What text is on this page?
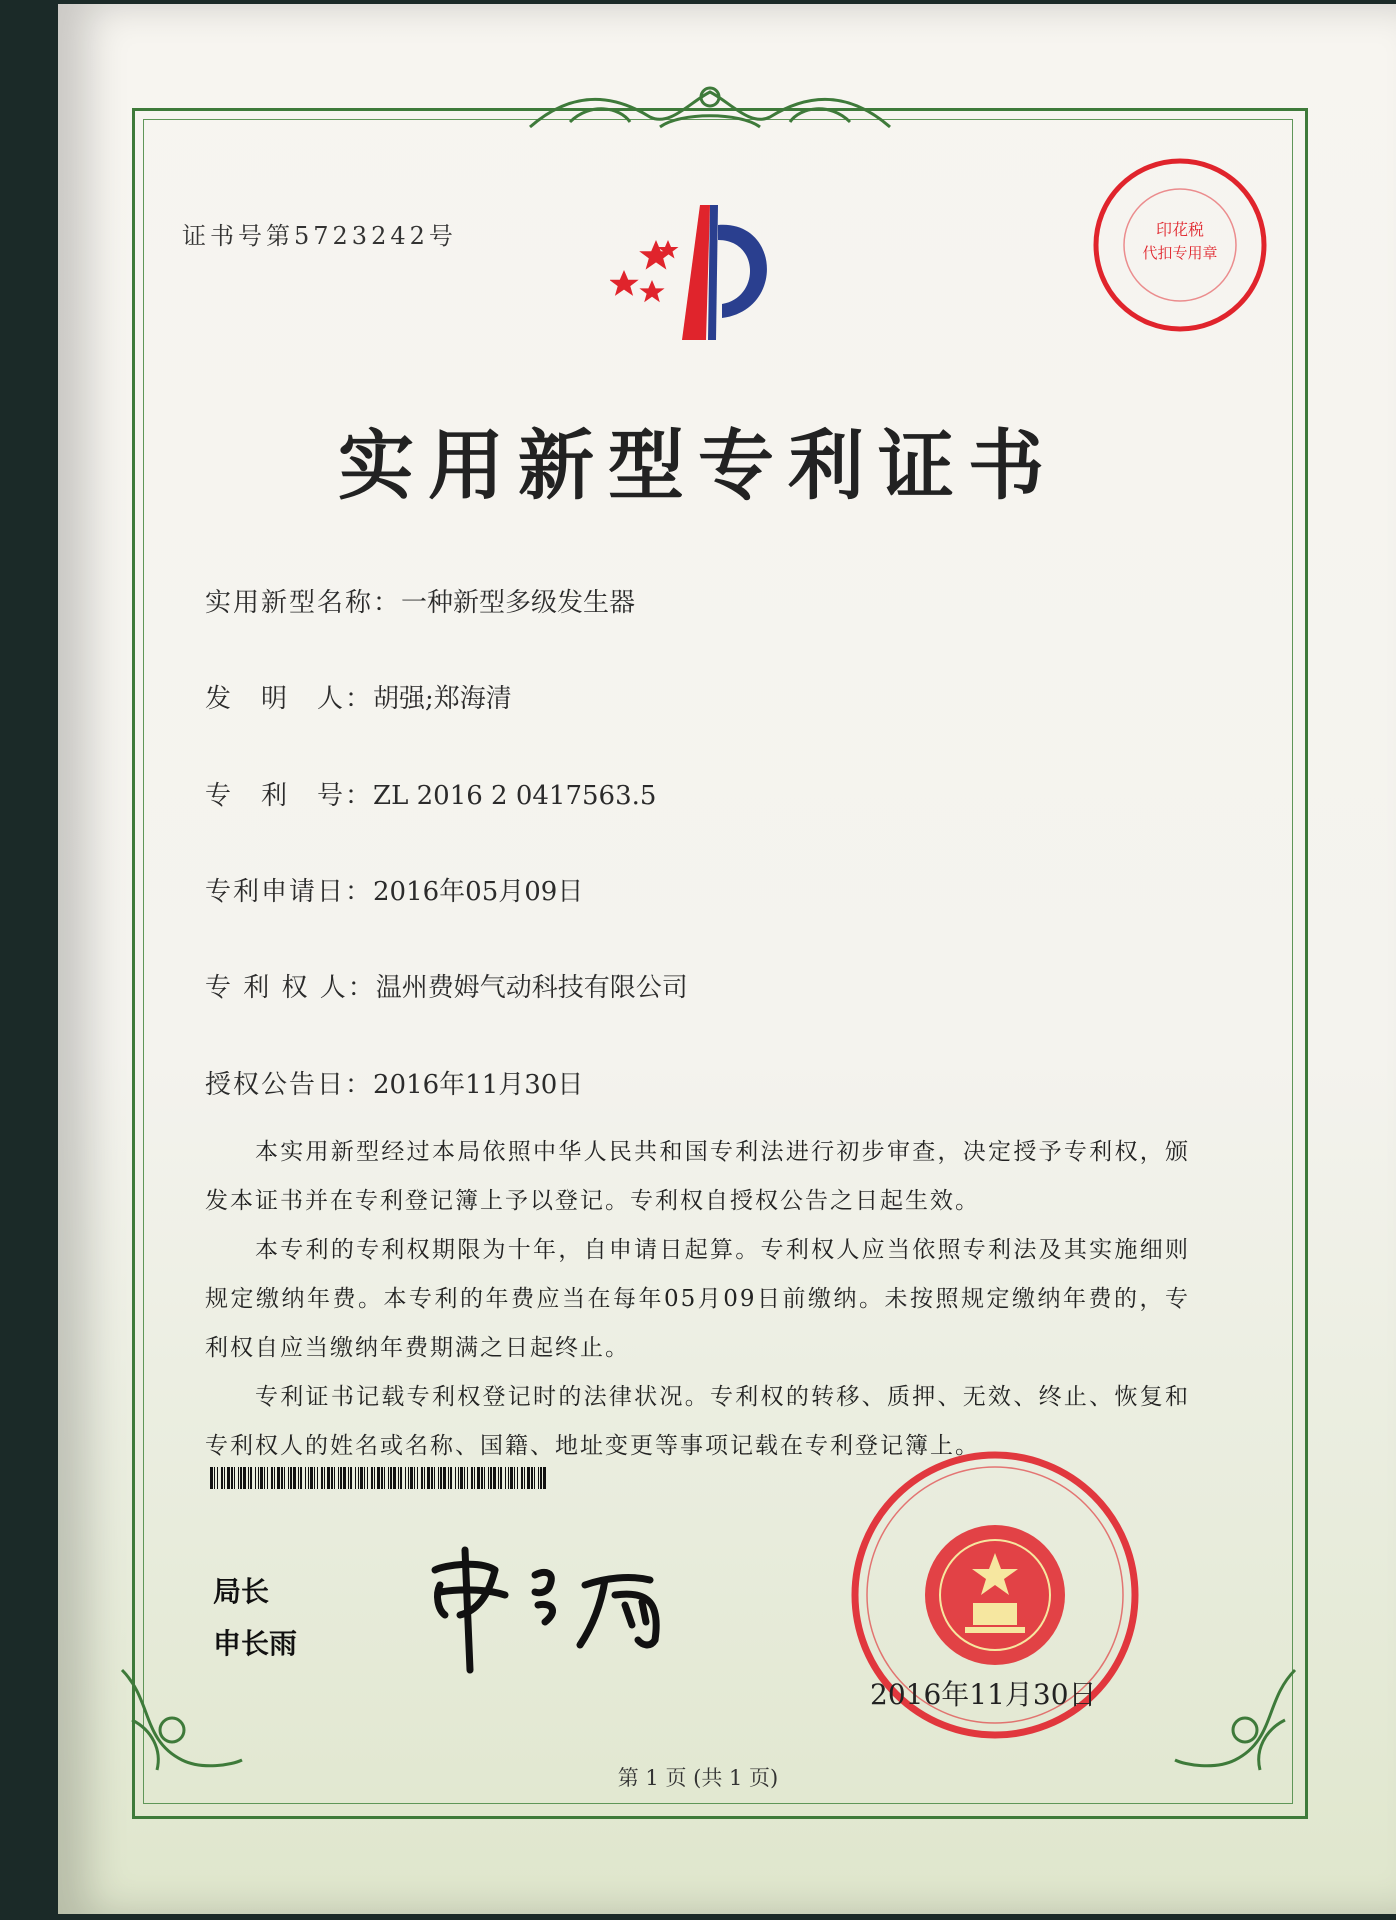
证书号第5723242号	印花税
代扣专用章
实用新型专利证书
实用新型名称：一种新型多级发生器
发　明　人：胡强;郑海清
专　利　号：ZL 2016 2 0417563.5
专利申请日：2016年05月09日
专 利 权 人：温州费姆气动科技有限公司
授权公告日：2016年11月30日

本实用新型经过本局依照中华人民共和国专利法进行初步审查，决定授予专利权，颁发本证书并在专利登记簿上予以登记。专利权自授权公告之日起生效。

本专利的专利权期限为十年，自申请日起算。专利权人应当依照专利法及其实施细则规定缴纳年费。本专利的年费应当在每年05月09日前缴纳。未按照规定缴纳年费的，专利权自应当缴纳年费期满之日起终止。

专利证书记载专利权登记时的法律状况。专利权的转移、质押、无效、终止、恢复和专利权人的姓名或名称、国籍、地址变更等事项记载在专利登记簿上。

局长
申长雨
2016年11月30日
第 1 页 (共 1 页)
